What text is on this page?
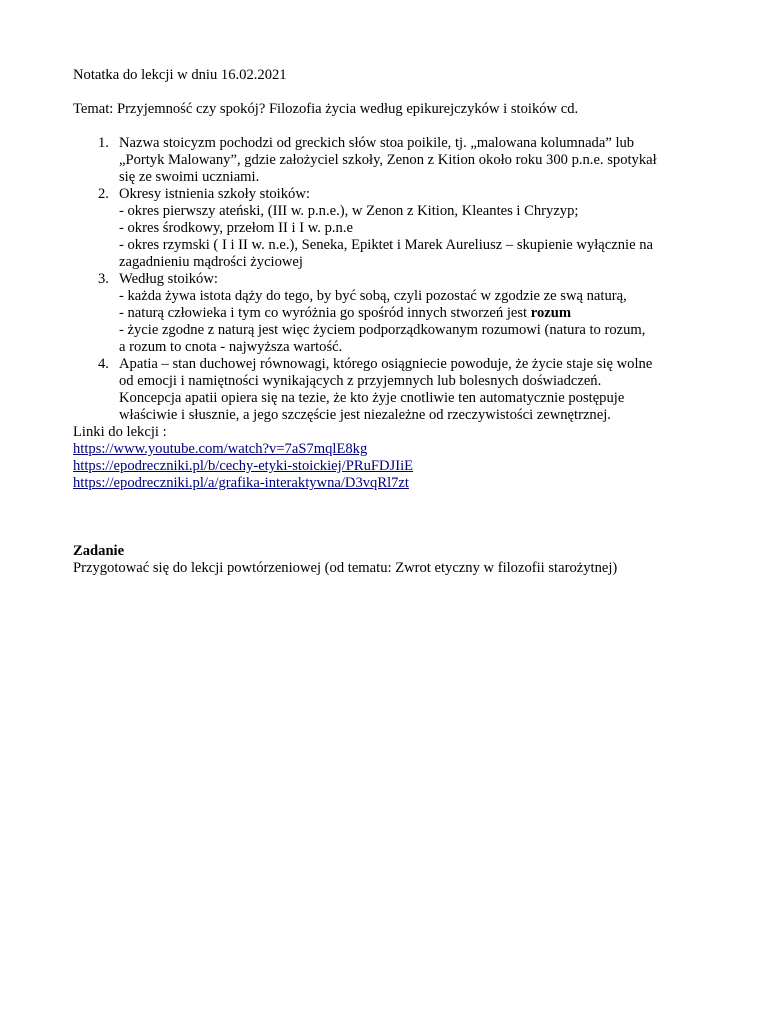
Notatka do lekcji w dniu 16.02.2021
Temat: Przyjemność czy spokój? Filozofia życia według epikurejczyków i stoików cd.
1. Nazwa stoicyzm pochodzi od greckich słów stoa poikile, tj. „malowana kolumnada” lub
„Portyk Malowany”, gdzie założyciel szkoły, Zenon z Kition około roku 300 p.n.e. spotykał
się ze swoimi uczniami.
2. Okresy istnienia szkoły stoików:
- okres pierwszy ateński, (III w. p.n.e.), w Zenon z Kition, Kleantes i Chryzyp;
- okres środkowy, przełom II i I w. p.n.e
- okres rzymski ( I i II w. n.e.), Seneka, Epiktet i Marek Aureliusz – skupienie wyłącznie na
zagadnieniu mądrości życiowej
3. Według stoików:
- każda żywa istota dąży do tego, by być sobą, czyli pozostać w zgodzie ze swą naturą,
- naturą człowieka i tym co wyróżnia go spośród innych stworzeń jest rozum
- życie zgodne z naturą jest więc życiem podporządkowanym rozumowi (natura to rozum,
a rozum to cnota - najwyższa wartość.
4. Apatia – stan duchowej równowagi, którego osiągniecie powoduje, że życie staje się wolne
od emocji i namiętności wynikających z przyjemnych lub bolesnych doświadczeń.
Koncepcja apatii opiera się na tezie, że kto żyje cnotliwie ten automatycznie postępuje
właściwie i słusznie, a jego szczęście jest niezależne od rzeczywistości zewnętrznej.
Linki do lekcji :
https://www.youtube.com/watch?v=7aS7mqlE8kg
https://epodreczniki.pl/b/cechy-etyki-stoickiej/PRuFDJIiE
https://epodreczniki.pl/a/grafika-interaktywna/D3vqRl7zt
Zadanie
Przygotować się do lekcji powtórzeniowej (od tematu: Zwrot etyczny w filozofii starożytnej)
